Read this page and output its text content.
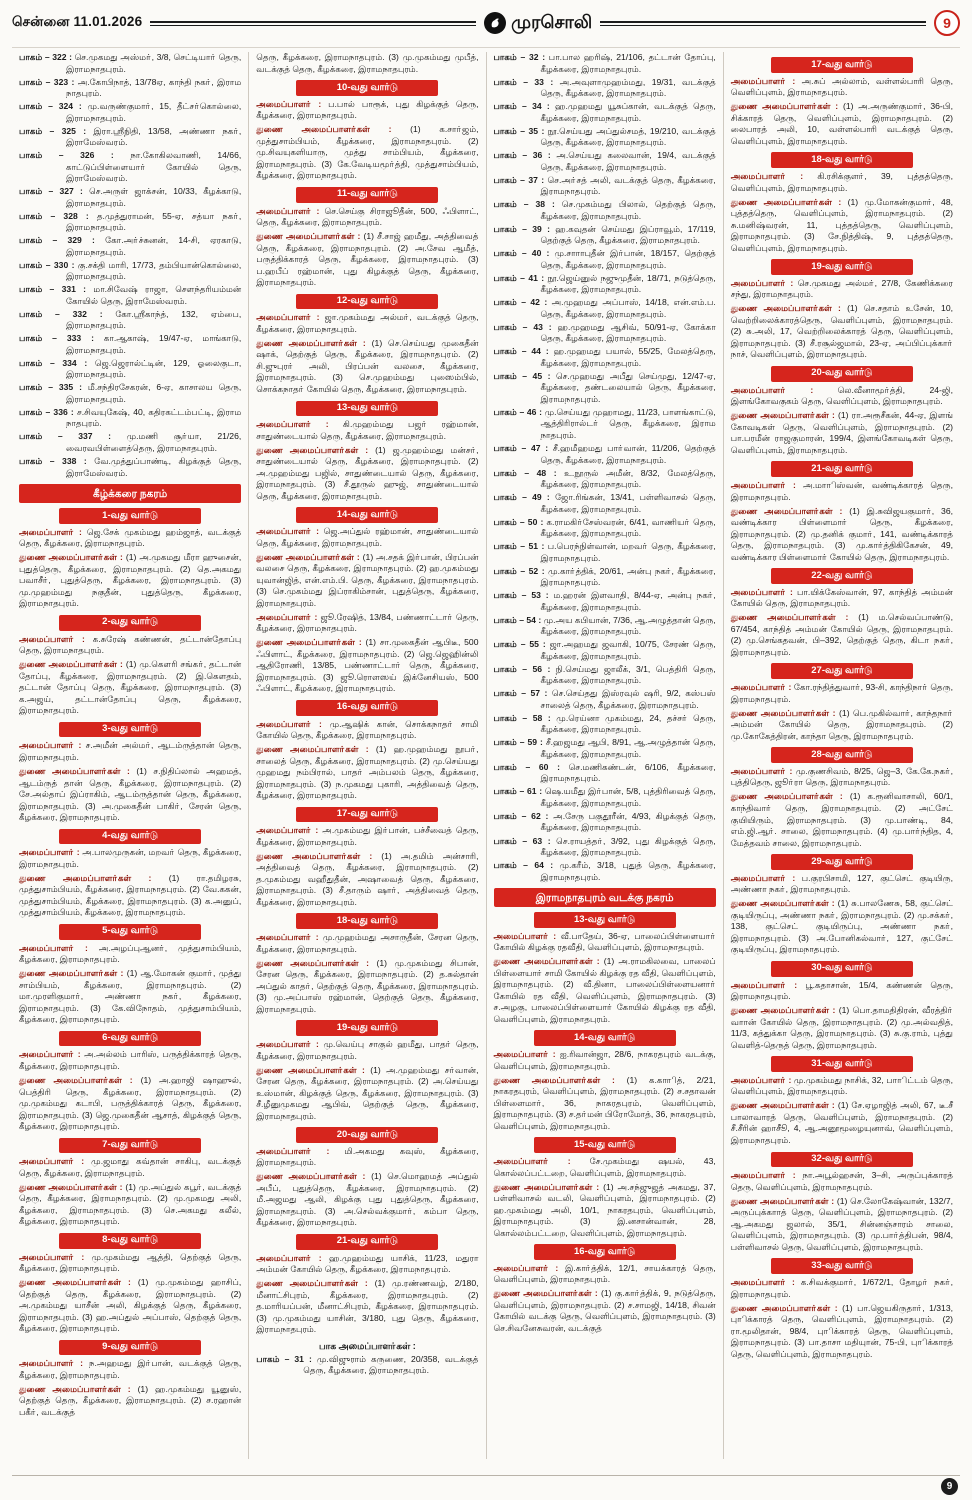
சென்னை 11.01.2026	முரசொலி	9

பாகம் – 322 : செ.முகமது அஸ்மா், 3/8, செட்டியாா் தெரு, இராமநாதபுரம்.

பாகம் – 323 : அ.கோபிநாத், 13/78ஏ, காந்தி நகா், இராம நாதபுரம்.

பாகம் – 324 : மு.வருண்குமாா், 15, தீட்சா்கொல்லை, இராமநாதபுரம்.

பாகம் – 325 : இரா.ஸ்ரீநிதி, 13/58, அண்ணா நகா், இராமேஸ்வரம்.

பாகம் – 326 : நா.கோகிலவாணி, 14/66, காட்டுப்பிள்ளையாா் கோயில் தெரு, இராமேஸ்வரம்.

பாகம் – 327 : செ.அருள் ஜாக்சன், 10/33, கீழக்காடு, இராமநாதபுரம்.

பாகம் – 328 : த.முத்துராமன், 55-ஏ, சத்யா நகா், இராமநாதபுரம்.

பாகம் – 329 : கோ.அா்ச்சுனன், 14-சி, ஏரகாடு, இராமநாதபுரம்.

பாகம் – 330 : கு.சக்தி மாரி, 17/73, தம்பியான்கொல்லை, இராமநாதபுரம்.

பாகம் – 331 : மா.சிவேஷ் ராஜா, சௌந்தரியம்மன் கோயில் தெரு, இராமேஸ்வரம்.

பாகம் – 332 : கோ.ஸ்ரீகாந்த், 132, ஏம்பை, இராமநாதபுரம்.

பாகம் – 333 : கா.ஆகாஷ், 19/47-ஏ, மாங்காடு, இராமநாதபுரம்.

பாகம் – 334 : ஜெ.ஜெரால்ட்டின், 129, ஓலைகுடா, இராமநாதபுரம்.

பாகம் – 335 : மீ.சந்திரசேகரன், 6-ஏ, காசாலய தெரு, இராமநாதபுரம்.

பாகம் – 336 : ச.சிவயுகேஷ், 40, கதிரகட்டம்பட்டி, இராம நாதபுரம்.

பாகம் – 337 : மு.மணி சூா்யா, 21/26, வைரவபிள்ளைத்தெரு, இராமநாதபுரம்.

பாகம் – 338 : வே.முத்துப்பாண்டி, கிழக்குத் தெரு, இராமேஸ்வரம்.

கீழ்க்கரை நகரம்
1-வது வார்டு

அமைப்பாளா் : ஜெ.சேக் முகம்மது ஹம்ஜாத், வடக்குத் தெரு, கீழக்கரை, இராமநாதபுரம்.

துணை அமைப்பாளா்கள் : (1) அ.முகமது மீரா ஹுசைன், புதுத்தெரு, கீழக்கரை, இராமநாதபுரம். (2) தெ.அகமது பவாசீா், புதுத்தெரு, கீழக்கரை, இராமநாதபுரம். (3) மு.முஹம்மது நகுதீன், புதுத்தெரு, கீழக்கரை, இராமநாதபுரம்.

2-வது வார்டு

அமைப்பாளா் : க.சுரேஷ் கண்ணன், தட்டான்தோப்பு தெரு, இராமநாதபுரம்.

துணை அமைப்பாளா்கள் : (1) மு.கௌரி சங்கா், தட்டான் தோப்பு, கீழக்கரை, இராமநாதபுரம். (2) இ.கௌதம், தட்டான் தோப்பு தெரு, கீழக்கரை, இராமநாதபுரம். (3) க.அஜய், தட்டான்தோப்பு தெரு, கீழக்கரை, இராமநாதபுரம்.

3-வது வார்டு

அமைப்பாளா் : ச.அமீன் அல்மா், ஆடம்ருத்தான் தெரு, இராமநாதபுரம்.

துணை அமைப்பாளா்கள் : (1) ச.நிதிப்லால் அஹமத், ஆடம்ருத் தான் தெரு, கீழக்கரை, இராமநாதபுரம். (2) சே.அல்தாப் இப்ராகிம், ஆடம்ருத்தான் தெரு, கீழக்கரை, இராமநாதபுரம். (3) அ.முகைதீன் பாகிா், சேரன் தெரு, கீழக்கரை, இராமநாதபுரம்.

4-வது வார்டு

அமைப்பாளா் : அ.பாலமுருகன், மறவா் தெரு, கீழக்கரை, இராமநாதபுரம்.

துணை அமைப்பாளா்கள் : (1) ரா.தமிழரசு, முத்துசாம்பியம், கீழக்கரை, இராமநாதபுரம். (2) வே.ககன், முத்துசாம்பியம், கீழக்கரை, இராமநாதபுரம். (3) க.அனுப், முத்துசாம்பியம், கீழக்கரை, இராமநாதபுரம்.

5-வது வார்டு

அமைப்பாளா் : அ.அழப்புஆனா், முத்துசாம்பியம், கீழக்கரை, இராமநாதபுரம்.

துணை அமைப்பாளா்கள் : (1) ஆ.மோகன் குமாா், முத்து சாம்பியம், கீழக்கரை, இராமநாதபுரம். (2) மா.முரளிகுமாா், அண்ணா நகா், கீழக்கரை, இராமநாதபுரம். (3) கே.விநோதம், முத்துசாம்பியம், கீழக்கரை, இராமநாதபுரம்.

6-வது வார்டு

அமைப்பாளா் : அ.அல்லம் பாரிஸ், பருத்திக்காரத் தெரு, கீழக்கரை, இராமநாதபுரம்.

துணை அமைப்பாளா்கள் : (1) அ.ஹாஜி ஷாஹுல், பெத்திரி தெரு, கீழக்கரை, இராமநாதபுரம். (2) மு.முகம்மது கடாபி, பருத்திக்காரத் தெரு, கீழக்கரை, இராமநாதபுரம். (3) ஜெ.முகைதீன் ஆசாத், கிழக்குத் தெரு, கீழக்கரை, இராமநாதபுரம்.

7-வது வார்டு

அமைப்பாளா் : மு.ஜமாது கவ்தான் சாகிபு, வடக்குத் தெரு, கீழக்கரை, இராமநாதபுரம்.

துணை அமைப்பாளா்கள் : (1) மு.அப்துல் கபூா், வடக்குத் தெரு, கீழக்கரை, இராமநாதபுரம். (2) மு.முகமது அலி, கீழக்கரை, இராமநாதபுரம். (3) செ.அகமது கலீல், கீழக்கரை, இராமநாதபுரம்.

8-வது வார்டு

அமைப்பாளா் : மு.முகம்மது ஆத்தி, தெற்குத் தெரு, கீழக்கரை, இராமநாதபுரம்.

துணை அமைப்பாளா்கள் : (1) மு.முகம்மது ஹாசிப், தெற்குத் தெரு, கீழக்கரை, இராமநாதபுரம். (2) அ.முகம்மது யாசீன் அலி, கிழக்குத் தெரு, கீழக்கரை, இராமநாதபுரம். (3) ஹ.அப்துல் அப்பாஸ், தெற்குத் தெரு, கீழக்கரை, இராமநாதபுரம்.

9-வது வார்டு

அமைப்பாளா் : ந.அஹமது இா்பான், வடக்குத் தெரு, கீழக்கரை, இராமநாதபுரம்.

துணை அமைப்பாளா்கள் : (1) ஹ.முகம்மது யூனுஸ், தெற்குத் தெரு, கீழக்கரை, இராமநாதபுரம். (2) ச.ரஹான் பகீா், வடக்குத்

தெரு, கீழக்கரை, இராமநாதபுரம். (3) மு.முகம்மது முபீத், வடக்குத் தெரு, கீழக்கரை, இராமநாதபுரம்.

10-வது வார்டு

அமைப்பாளா் : ப.பால் பாரூக், புது கிழக்குத் தெரு, கீழக்கரை, இராமநாதபுரம்.

துணை அமைப்பாளா்கள் : (1) க.சாா்ஜம், முத்துசாம்பியம், கீழக்கரை, இராமநாதபுரம். (2) மு.சிவயுகளியாரு, முத்து சாம்பியம், கீழக்கரை, இராமநாதபுரம். (3) கே.வேடியமூா்த்தி, முத்துசாம்பியம், கீழக்கரை, இராமநாதபுரம்.

11-வது வார்டு

அமைப்பாளா் : செ.செய்கு சிராஜூதீன், 500, ஃபிளாட், தெரு, கீழக்கரை, இராமநாதபுரம்.

துணை அமைப்பாளா்கள் : (1) சீ.சாஜ் ஹமீது, அத்திவைத் தெரு, கீழக்கரை, இராமநாதபுரம். (2) அ.சேவ ஆமீத், பருத்திக்காரத் தெரு, கீழக்கரை, இராமநாதபுரம். (3) ப.ஹபீப் ரஹ்மான், புது கிழக்குத் தெரு, கீழக்கரை, இராமநாதபுரம்.

12-வது வார்டு

அமைப்பாளா் : ஜா.முகம்மது அல்மா், வடக்குத் தெரு, கீழக்கரை, இராமநாதபுரம்.

துணை அமைப்பாளா்கள் : (1) செ.செய்யது முகைதீன் ஷாக், தெற்குத் தெரு, கீழக்கரை, இராமநாதபுரம். (2) சி.ஜுபுரா் அலி, பிரப்பன் வலசை, கீழக்கரை, இராமநாதபுரம். (3) செ.முஹம்மது புஸைம்பில், சொக்கநாதா் கோயில் தெரு, கீழக்கரை, இராமநாதபுரம்.

13-வது வார்டு

அமைப்பாளா் : கி.முஹம்மது பஜா் ரஹ்மான், சாதுண்டையால் தெரு, கீழக்கரை, இராமநாதபுரம்.

துணை அமைப்பாளா்கள் : (1) ஜ.முஹம்மது மன்சா், சாதுண்டையால் தெரு, கீழக்கரை, இராமநாதபுரம். (2) அ.முஹம்மது பஜில், சாதுண்டையால் தெரு, கீழக்கரை, இராமநாதபுரம். (3) சீ.தூருல் ஹுஜ், சாதுண்டையால் தெரு, கீழக்கரை, இராமநாதபுரம்.

14-வது வார்டு

அமைப்பாளா் : ஜெ.அப்துல் ரஹ்மான், சாதுண்டையால் தெரு, கீழக்கரை, இராமநாதபுரம்.

துணை அமைப்பாளா்கள் : (1) அ.சதக் இா்பான், பிரப்பன் வலசை தெரு, கீழக்கரை, இராமநாதபுரம். (2) ஹ.முகம்மது யுவான்ஜித், என்.எம்.பி. தெரு, கீழக்கரை, இராமநாதபுரம். (3) செ.முகம்மது இப்ராகிம்சான், புதுத்தெரு, கீழக்கரை, இராமநாதபுரம்.

அமைப்பாளா் : ஜூ.ரேஷித், 13/84, பண்ணாட்டாா் தெரு, கீழக்கரை, இராமநாதபுரம்.

துணை அமைப்பாளா்கள் : (1) சா.முகைதீன் ஆபிடீ, 500 ஃபிளாட், கீழக்கரை, இராமநாதபுரம். (2) ஜெ.ஜெஹின்லி ஆதிரோணி, 13/85, பண்ணாட்டாா் தெரு, கீழக்கரை, இராமநாதபுரம். (3) ஜூ.ரொளஸய் இக்னேசியஸ், 500 ஃபிளாட், கீழக்கரை, இராமநாதபுரம்.

16-வது வார்டு

அமைப்பாளா் : மு.ஆஷிக் கான், சொக்கநாதா் சாமி கோயில் தெரு, கீழக்கரை, இராமநாதபுரம்.

துணை அமைப்பாளா்கள் : (1) ஹ.முஹம்மது நூபா், சாலைத் தெரு, கீழக்கரை, இராமநாதபுரம். (2) மு.செய்யது முஹமது நம்பிரால், பாதா் அம்பலம் தெரு, கீழக்கரை, இராமநாதபுரம். (3) ந.முகமது புகாரி, அத்திவைத் தெரு, கீழக்கரை, இராமநாதபுரம்.

17-வது வார்டு

அமைப்பாளா் : அ.முகம்மது இா்பான், பச்சீவைத் தெரு, கீழக்கரை, இராமநாதபுரம்.

துணை அமைப்பாளா்கள் : (1) அ.தமிம் அன்சாரி, அத்திவைத் தெரு, கீழக்கரை, இராமநாதபுரம். (2) த.முகம்மது வஹீதுதீன், அஷாவைத் தெரு, கீழக்கரை, இராமநாதபுரம். (3) சீ.தாரும் ஷாா், அத்திவைத் தெரு, கீழக்கரை, இராமநாதபுரம்.

18-வது வார்டு

அமைப்பாளா் : மு.முஹம்மது அசாருதீன், சேரன தெரு, கீழக்கரை, இராமநாதபுரம்.

துணை அமைப்பாளா்கள் : (1) மு.முகம்மது சிபான், சேரன தெரு, கீழக்கரை, இராமநாதபுரம். (2) த.சுல்தான் அப்துல் காதா், தெற்குத் தெரு, கீழக்கரை, இராமநாதபுரம். (3) மு.அப்பாஸ் ரஹ்மான், தெற்குத் தெரு, கீழக்கரை, இராமநாதபுரம்.

19-வது வார்டு

அமைப்பாளா் : மு.வெய்பு சாகுல் ஹமீது, பாதா் தெரு, கீழக்கரை, இராமநாதபுரம்.

துணை அமைப்பாளா்கள் : (1) அ.முஹம்மது சா்வான், சேரன தெரு, கீழக்கரை, இராமநாதபுரம். (2) அ.செய்யது உஸ்மான், கிழக்குத் தெரு, கீழக்கரை, இராமநாதபுரம். (3) சீ.ழீனுமுகமது ஆபிவ், தெற்குத் தெரு, கீழக்கரை, இராமநாதபுரம்.

20-வது வார்டு

அமைப்பாளா் : மி.அகமது கவுஸ், கீழக்கரை, இராமநாதபுரம்.

துணை அமைப்பாளா்கள் : (1) செ.மொஹமத் அப்துல் அபீப், புதுத்தெரு, கீழக்கரை, இராமநாதபுரம். (2) மீ.அஜமது ஆலி, கிழக்கு புது புதுத்தெரு, கீழக்கரை, இராமநாதபுரம். (3) அ.செல்வக்குமாா், கம்பா தெரு, கீழக்கரை, இராமநாதபுரம்.

21-வது வார்டு

அமைப்பாளா் : ஹ.முஹம்மது யாசிக், 11/23, மதுரா அம்மன் கோயில் தெரு, கீழக்கரை, இராமநாதபுரம்.

துணை அமைப்பாளா்கள் : (1) மு.ரண்ணவழ், 2/180, மீனாட்சிபுரம், கீழக்கரை, இராமநாதபுரம். (2) த.மாரியப்பன், மீனாட்சிபுரம், கீழக்கரை, இராமநாதபுரம். (3) மு.முகம்மது யாசின், 3/180, புது தெரு, கீழக்கரை, இராமநாதபுரம்.

பாக அமைப்பாளா்கள் :

பாகம் – 31 : மு.விஜுராம் கருணை, 20/358, வடக்குத் தெரு, கீழக்கரை, இராமநாதபுரம்.

பாகம் – 32 : பா.பால ஹரிஷ், 21/106, தட்டான் தோப்பு, கீழக்கரை, இராமநாதபுரம்.

பாகம் – 33 : அ.அவுளாமுஹம்மது, 19/31, வடக்குத் தெரு, கீழக்கரை, இராமநாதபுரம்.

பாகம் – 34 : ஹ.முஹமது யூசுப்கான், வடக்குத் தெரு, கீழக்கரை, இராமநாதபுரம்.

பாகம் – 35 : நூ.செய்யது அப்துல்சமத், 19/210, வடக்குத் தெரு, கீழக்கரை, இராமநாதபுரம்.

பாகம் – 36 : அ.செய்யது கலைவான், 19/4, வடக்குத் தெரு, கீழக்கரை, இராமநாதபுரம்.

பாகம் – 37 : செ.அா்சத் அலி, வடக்குத் தெரு, கீழக்கரை, இராமநாதபுரம்.

பாகம் – 38 : செ.முகம்மது பிலால், தெற்குத் தெரு, கீழக்கரை, இராமநாதபுரம்.

பாகம் – 39 : ஹ.கவுதன் செய்மது இப்ராவூம், 17/119, தெற்குத் தெரு, கீழக்கரை, இராமநாதபுரம்.

பாகம் – 40 : மு.சாாாபுதீன் இா்பான், 18/157, தெற்குத் தெரு, கீழக்கரை, இராமநாதபுரம்.

பாகம் – 41 : நூ.ஜெய்னுல் நஜுமுதீன், 18/71, நடுத்தெரு, கீழக்கரை, இராமநாதபுரம்.

பாகம் – 42 : அ.முஹமது அப்பாஸ், 14/18, என்.எம்.ப. தெரு, கீழக்கரை, இராமநாதபுரம்.

பாகம் – 43 : ஹ.முஹமது ஆசிவ், 50/91-ஏ, கோக்கா தெரு, கீழக்கரை, இராமநாதபுரம்.

பாகம் – 44 : ஹ.முஹமது பயால், 55/25, மேலத்தெரு, கீழக்கரை, இராமநாதபுரம்.

பாகம் – 45 : செ.முஹமது அபீது செய்முது, 12/47-ஏ, கீழக்கரை, தண்டலையால் தெரு, கீழக்கரை, இராமநாதபுரம்.

பாகம் – 46 : மு.செய்யது முஹாமது, 11/23, பாளங்காட்டு, ஆத்திரிரால்டா் தெரு, கீழக்கரை, இராம நாதபுரம்.

பாகம் – 47 : சீ.ஹமீஹமது பாா்வான், 11/206, தெற்குத் தெரு, கீழக்கரை, இராமநாதபுரம்.

பாகம் – 48 : உ.நூருல் அமீன், 8/32, மேலத்தெரு, கீழக்கரை, இராமநாதபுரம்.

பாகம் – 49 : ஜோ.ரிங்கன், 13/41, பள்ளிவாசல் தெரு, கீழக்கரை, இராமநாதபுரம்.

பாகம் – 50 : க.ராமகிா்சேஸ்வரன், 6/41, வாணியா் தெரு, கீழக்கரை, இராமநாதபுரம்.

பாகம் – 51 : ப.பெரந்நிள்வான், மறவா் தெரு, கீழக்கரை, இராமநாதபுரம்.

பாகம் – 52 : மு.காா்த்திக், 20/61, அன்பு நகா், கீழக்கரை, இராமநாதபுரம்.

பாகம் – 53 : ம.ஹரன் இளவாதி, 8/44-ஏ, அன்பு நகா், கீழக்கரை, இராமநாதபுரம்.

பாகம் – 54 : மு.அய கபியான், 7/36, ஆ.அழுத்தான் தெரு, கீழக்கரை, இராமநாதபுரம்.

பாகம் – 55 : ஜா.அஹமது ஜவாகி, 10/75, சேரண் தெரு, கீழக்கரை, இராமநாதபுரம்.

பாகம் – 56 : நி.செய்மது ஜாலீக், 3/1, பெத்திரி தெரு, கீழக்கரை, இராமநாதபுரம்.

பாகம் – 57 : செ.செய்தது இஸ்ரவுல் ஷரி, 9/2, கஸ்பஸ் சாலைத் தெரு, கீழக்கரை, இராமநாதபுரம்.

பாகம் – 58 : மு.ரெய்னா முகம்மது, 24, தச்சா் தெரு, கீழக்கரை, இராமநாதபுரம்.

பாகம் – 59 : சீ.ஹஜமது ஆபி, 8/91, ஆ.அழுத்தான் தெரு, கீழக்கரை, இராமநாதபுரம்.

பாகம் – 60 : செ.மணிகண்டன், 6/106, கீழக்கரை, இராமநாதபுரம்.

பாகம் – 61 : ஷெ.யமீது இா்பான், 5/8, புத்திரிவைத் தெரு, கீழக்கரை, இராமநாதபுரம்.

பாகம் – 62 : அ.சேரு பகுதூரீன், 4/93, கிழக்குத் தெரு, கீழக்கரை, இராமநாதபுரம்.

பாகம் – 63 : செ.ராயத்தா், 3/92, புது கிழக்குத் தெரு, கீழக்கரை, இராமநாதபுரம்.

பாகம் – 64 : மு.கரீம், 3/18, புதுத் தெரு, கீழக்கரை, இராமநாதபுரம்.

இராமநாதபுரம் வடக்கு நகரம்
13-வது வார்டு

அமைப்பாளா் : வீ.பாதேய், 36-ஏ, பாலைப்பிள்ளையாா் கோயில் கிழக்கு ரதவீதி, வெளிப்புளம், இராமநாதபுரம்.

துணை அமைப்பாளா்கள் : (1) அ.ராமகிலவை, பாலைப் பிள்ளையாா் சாமி கோயில் கிழக்கு ரத வீதி, வெளிப்புளம், இராமநாதபுரம். (2) வீ.தினா, பாலைப்பிள்ளையனாா் கோயில் ரத வீதி, வெளிப்புளம், இராமநாதபுரம். (3) ச.அழகு, பாலைப்பிள்ளையாா் கோயில் கிழக்கு ரத வீதி, வெளிப்புளம், இராமநாதபுரம்.

14-வது வார்டு

அமைப்பாளா் : ஐ.ரிவான்ஜா, 28/6, நாகரதபுரம் வடக்கு, வெளிப்புளம், இராமநாதபுரம்.

துணை அமைப்பாளா்கள் : (1) க.காாித், 2/21, நாகரதபுரம், வெளிப்புளம், இராமநாதபுரம். (2) ச.சதாவன் பிள்ளைமாா், 36, நாகரதபுரம், வெளிப்புளம், இராமநாதபுரம். (3) ச.தா்மன் பிரோமோத், 36, நாகரதபுரம், வெளிப்புளம், இராமநாதபுரம்.

15-வது வார்டு

அமைப்பாளா் : சே.முகம்மது ஷயல், 43, கொல்லப்பட்டறை, வெளிப்புளம், இராமநாதபுரம்.

துணை அமைப்பாளா்கள் : (1) அ.சந்ஜுஜத் அகமது, 37, பள்ளிவாசல் வடலி, வெளிப்புளம், இராமநாதபுரம். (2) ஹ.முகம்மது அலி, 10/1, நாகரதபுரம், வெளிப்புளம், இராமநாதபுரம். (3) இ.னசான்வான், 28, கொல்லம்பட்டறை, வெளிப்புளம், இராமநாதபுரம்.

16-வது வார்டு

அமைப்பாளா் : இ.காா்த்திக், 12/1, சாயக்காரத் தெரு, வெளிப்புளம், இராமநாதபுரம்.

துணை அமைப்பாளா்கள் : (1) கு.காா்த்திக், 9, நடுத்தெரு, வெளிப்புளம், இராமநாதபுரம். (2) ச.சாமஜி, 14/18, சிவன் கோயில் வடக்கு தெரு, வெளிப்புளம், இராமநாதபுரம். (3) செ.சிவனேசுவரன், வடக்குத்

17-வது வார்டு

அமைப்பாளா் : அ.சுப் அல்லாம், வள்ளல்பாரி தெரு, வெளிப்புளம், இராமநாதபுரம்.

துணை அமைப்பாளா்கள் : (1) அ.அருண்குமாா், 36-பி, சிக்காரத் தெரு, வெளிப்புளம், இராமநாதபுரம். (2) லைபாரத் அலி, 10, வள்ளல்பாரி வடக்குத் தெரு, வெளிப்புளம், இராமநாதபுரம்.

18-வது வார்டு

அமைப்பாளா் : கி.ரசிக்குளா், 39, புத்தத்தெரு, வெளிப்புளம், இராமநாதபுரம்.

துணை அமைப்பாளா்கள் : (1) மு.மோகன்குமாா், 48, புத்தத்தெரு, வெளிப்புளம், இராமநாதபுரம். (2) சு.மனிஷ்வரன், 11, புத்தத்தெரு, வெளிப்புளம், இராமநாதபுரம். (3) சே.நித்திஷ், 9, புத்தத்தெரு, வெளிப்புளம், இராமநாதபுரம்.

19-வது வார்டு

அமைப்பாளா் : செ.முகமது அல்மா், 27/8, கேணிக்கரை சந்து, இராமநாதபுரம்.

துணை அமைப்பாளா்கள் : (1) செ.சதாம் உசேன், 10, வெற்றிலைக்காரத்தெரு, வெளிப்புளம், இராமநாதபுரம். (2) சு.அலி, 17, வெற்றிலைக்காரத் தெரு, வெளிப்புளம், இராமநாதபுரம். (3) சீ.ரசூல்ஜமால், 23-ஏ, அப்பிப்புக்காா் நாச், வெளிப்புளம், இராமநாதபுரம்.

20-வது வார்டு

அமைப்பாளா் : லெ.வீனாமூா்த்தி, 24-ஜி, இளங்கோவகுகம் தெரு, வெளிப்புளம், இராமநாதபுரம்.

துணை அமைப்பாளா்கள் : (1) ரா.அரூசீகன், 44-ஏ, இளங் கோவடிகள் தெரு, வெளிப்புளம், இராமநாதபுரம். (2) பா.பரமீன் ராஜகுமாரன், 199/4, இளங்கோவடிகள் தெரு, வெளிப்புளம், இராமநாதபுரம்.

21-வது வார்டு

அமைப்பாளா் : அ.மாாிஸ்வன், வண்டிக்காரத் தெரு, இராமநாதபுரம்.

துணை அமைப்பாளா்கள் : (1) இ.சுவிஜயகுமாா், 36, வண்டிக்கார பிள்ளைமாா் தெரு, கீழக்கரை, இராமநாதபுரம். (2) மு.தனிக் குமாா், 141, வண்டிக்காரத் தெரு, இராமநாதபுரம். (3) மு.காா்த்திகிகேசன், 49, வண்டிக்கார பிள்ளைமாா் கோயில் தெரு, இராமநாதபுரம்.

22-வது வார்டு

அமைப்பாளா் : பா.யிக்கேஸ்வான், 97, காந்தித் அம்மன் கோயில் தெரு, இராமநாதபுரம்.

துணை அமைப்பாளா்கள் : (1) ம.செல்வப்பாண்டு, 67/454, காந்தித் அம்மன் கோயில் தெரு, இராமநாதபுரம். (2) மு.செங்கதவன், பி–392, தெற்குத் தெரு, கிடா நகா், இராமநாதபுரம்.

27-வது வார்டு

அமைப்பாளா் : கோ.ரந்தித்துவாா், 93-சி, காந்திநாா் தெரு, இராமநாதபுரம்.

துணை அமைப்பாளா்கள் : (1) பெ.முகில்வாா், காந்தநாா் அம்மன் கோயில் தெரு, இராமநாதபுரம். (2) மு.கோகேத்திரன், காந்தா தெரு, இராமநாதபுரம்.

28-வது வார்டு

அமைப்பாளா் : மு.குணசிவம், 8/25, ஜெ–3, கே.கே.நகா், புத்திதெரு, ஜூா்ரா தெரு, இராமநாதபுரம்.

துணை அமைப்பாளா்கள் : (1) க.ரூனிவாசாலி, 60/1, காந்திவாா் தெரு, இராமநாதபுரம். (2) அட்சேட் குயியிரும், இராமநாதபுரம். (3) மு.பாண்டி, 84, எம்.ஜி.ஆா். சாலை, இராமநாதபுரம். (4) மு.பாா்ந்தித, 4, மேத்தவம் சாலை, இராமநாதபுரம்.

29-வது வார்டு

அமைப்பாளா் : ப.குரபிசாமி, 127, குட்செட் குடியிரு, அண்ணா நகா், இராமநாதபுரம்.

துணை அமைப்பாளா்கள் : (1) சு.பாலணேசு, 58, குட்செட் குடியிருப்பு, அண்ணா நகா், இராமநாதபுரம். (2) மு.சக்கா், 138, குட்செட் குடியிருப்பு, அண்ணா நகா், இராமநாதபுரம். (3) அ.போனிகல்வாா், 127, குட்சேட் குடியிருப்பு, இராமநாதபுரம்.

30-வது வார்டு

அமைப்பாளா் : பூ.கதாசான், 15/4, கண்ணன் தெரு, இராமநாதபுரம்.

துணை அமைப்பாளா்கள் : (1) பொ.தாமதிதிரன், வீரத்திா் வாான் கோயில் தெரு, இராமநாதபுரம். (2) மு.அல்வதித், 11/3, கத்துக்கா தெரு, இராமநாதபுரம். (3) சு.கு.ராம், புத்து வெளித்-தெருத் தெரு, இராமநாதபுரம்.

31-வது வார்டு

அமைப்பாளா் : மு.முகம்மது நாசிக், 32, பாாிட்டம் தெரு, வெளிப்புளம், இராமநாதபுரம்.

துணை அமைப்பாளா்கள் : (1) சே.ஏழாஜித் அலி, 67, டீ.சீ பாலாவாரத் தெரு, வெளிப்புளம், இராமநாதபுரம். (2) சீ.சீரின் ஹாசீூ, 4, ஆ.அனூமூழையுனாவ், வெளிப்புளம், இராமநாதபுரம்.

32-வது வார்டு

அமைப்பாளா் : நா.அபூல்ஹசன், 3–சி, அருப்புக்காரத் தெரு, வெளிப்புளம், இராமநாதபுரம்.

துணை அமைப்பாளா்கள் : (1) செ.லோகேஷ்வான், 132/7, அருப்புக்காாத் தெரு, வெளிப்புளம், இராமநாதபுரம். (2) ஆ.அகமது ஜலால், 35/1, சின்னஞ்சாரம் சாலை, வெளிப்புளம், இராமநாதபுரம். (3) மு.பாா்த்திபன், 98/4, பள்ளிவாசல் தெரு, வெளிப்புளம், இராமநாதபுரம்.

33-வது வார்டு

அமைப்பாளா் : க.சிவக்குமாா், 1/672/1, தோழா் நகா், இராமநாதபுரம்.

துணை அமைப்பாளா்கள் : (1) பா.ஜெயகிருதாா், 1/313, புாிக்காரத் தெரு, வெளிப்புளம், இராமநாதபுரம். (2) ரா.மூலிதான், 98/4, புாிக்காரத் தெரு, வெளிப்புளம், இராமநாதபுரம். (3) பா.தாசா மதியுான், 75-பி, புாிக்காரத் தெரு, வெளிப்புளம், இராமநாதபுரம்.

9
